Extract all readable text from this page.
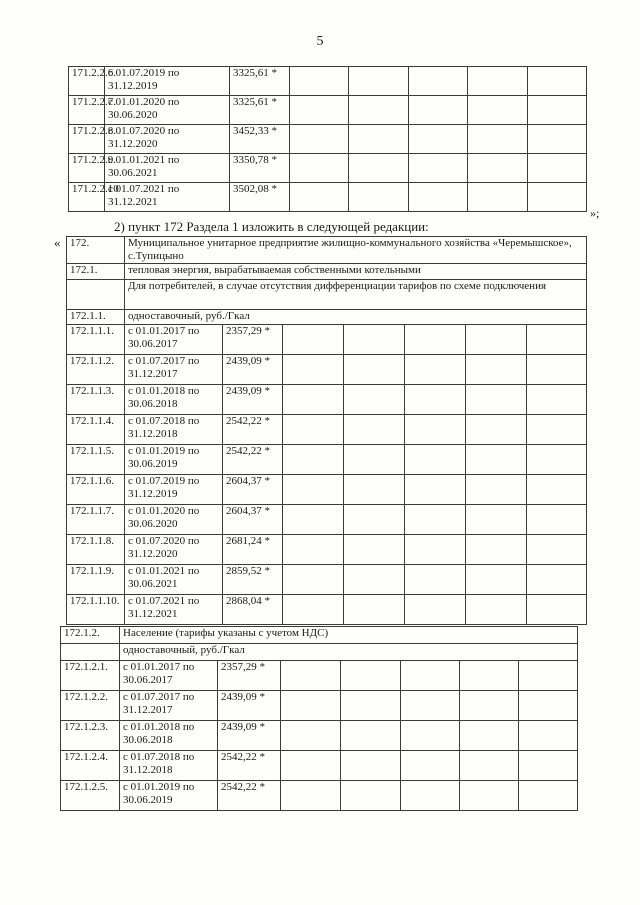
5
171.2.2.6.	с 01.07.2019 по 31.12.2019	3325,61 *					
171.2.2.7.	с 01.01.2020 по 30.06.2020	3325,61 *					
171.2.2.8.	с 01.07.2020 по 31.12.2020	3452,33 *					
171.2.2.9.	с 01.01.2021 по 30.06.2021	3350,78 *					
171.2.2.10	с 01.07.2021 по 31.12.2021	3502,08 *					
»;
2) пункт 172 Раздела 1 изложить в следующей редакции:
« 172.	Муниципальное унитарное предприятие жилищно-коммунального хозяйства «Черемышское», с.Тупицыно						
172.1.	тепловая энергия, вырабатываемая собственными котельными						
	Для потребителей, в случае отсутствия дифференциации тарифов по схеме подключения						
172.1.1.	одноставочный, руб./Гкал						
172.1.1.1.	с 01.01.2017 по 30.06.2017	2357,29 *					
172.1.1.2.	с 01.07.2017 по 31.12.2017	2439,09 *					
172.1.1.3.	с 01.01.2018 по 30.06.2018	2439,09 *					
172.1.1.4.	с 01.07.2018 по 31.12.2018	2542,22 *					
172.1.1.5.	с 01.01.2019 по 30.06.2019	2542,22 *					
172.1.1.6.	с 01.07.2019 по 31.12.2019	2604,37 *					
172.1.1.7.	с 01.01.2020 по 30.06.2020	2604,37 *					
172.1.1.8.	с 01.07.2020 по 31.12.2020	2681,24 *					
172.1.1.9.	с 01.01.2021 по 30.06.2021	2859,52 *					
172.1.1.10.	с 01.07.2021 по 31.12.2021	2868,04 *					
172.1.2.	Население (тарифы указаны с учетом НДС)						
	одноставочный, руб./Гкал						
172.1.2.1.	с 01.01.2017 по 30.06.2017	2357,29 *					
172.1.2.2.	с 01.07.2017 по 31.12.2017	2439,09 *					
172.1.2.3.	с 01.01.2018 по 30.06.2018	2439,09 *					
172.1.2.4.	с 01.07.2018 по 31.12.2018	2542,22 *					
172.1.2.5.	с 01.01.2019 по 30.06.2019	2542,22 *					
